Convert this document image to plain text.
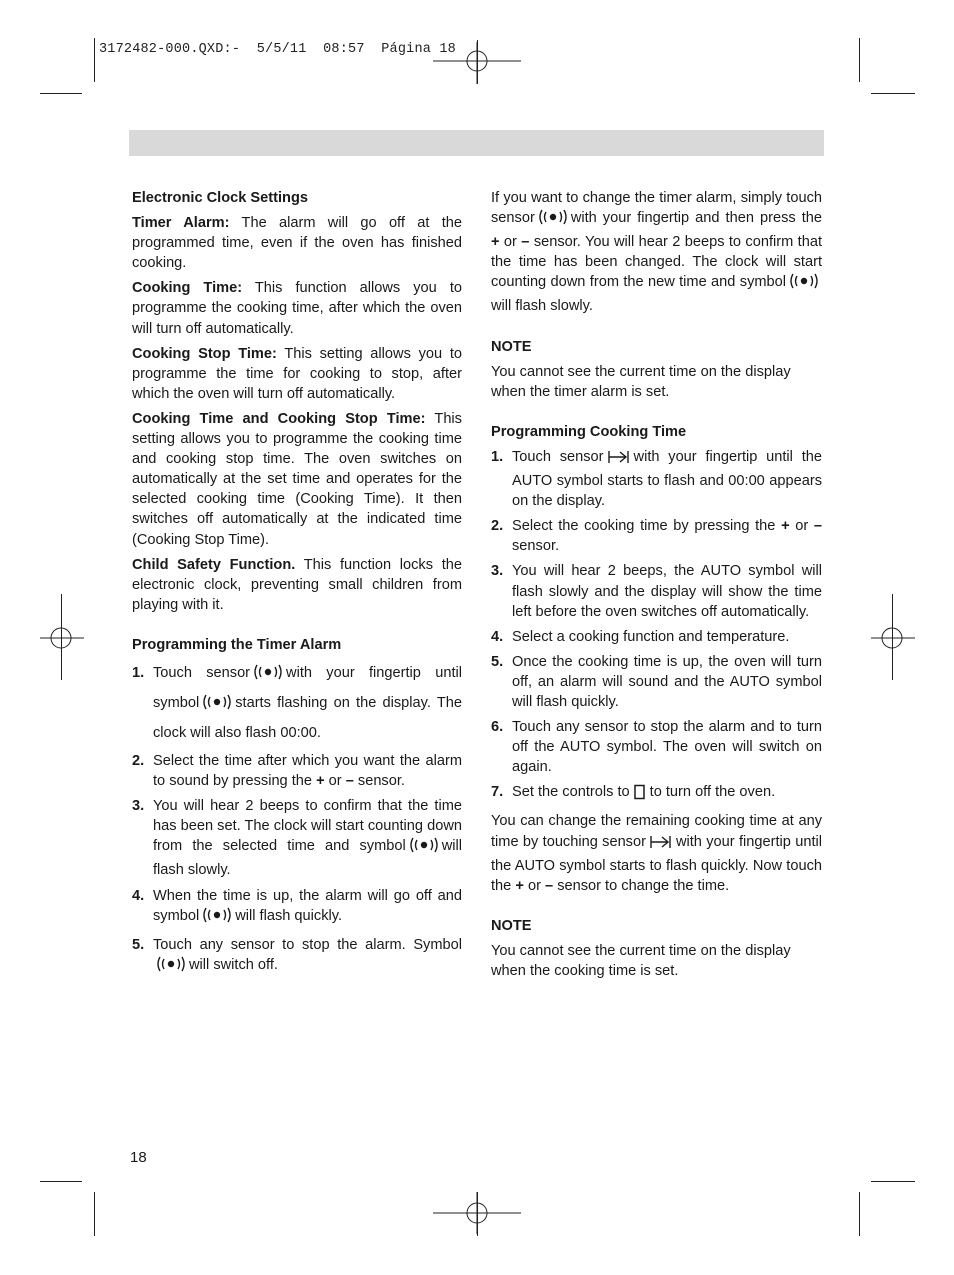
3172482-000.QXD:-  5/5/11  08:57  Página 18
Electronic Clock Settings

Timer Alarm: The alarm will go off at the programmed time, even if the oven has finished cooking.

Cooking Time: This function allows you to programme the cooking time, after which the oven will turn off automatically.

Cooking Stop Time: This setting allows you to programme the time for cooking to stop, after which the oven will turn off automatically.

Cooking Time and Cooking Stop Time: This setting allows you to programme the cooking time and cooking stop time. The oven switches on automatically at the set time and operates for the selected cooking time (Cooking Time). It then switches off automatically at the indicated time (Cooking Stop Time).

Child Safety Function. This function locks the electronic clock, preventing small children from playing with it.

Programming the Timer Alarm
1. Touch sensor with your fingertip until symbol starts flashing on the display. The clock will also flash 00:00.
2. Select the time after which you want the alarm to sound by pressing the + or – sensor.
3. You will hear 2 beeps to confirm that the time has been set. The clock will start counting down from the selected time and symbol will flash slowly.
4. When the time is up, the alarm will go off and symbol will flash quickly.
5. Touch any sensor to stop the alarm. Symbolwill switch off.

If you want to change the timer alarm, simply touch sensor with your fingertip and then press the + or – sensor. You will hear 2 beeps to confirm that the time has been changed. The clock will start counting down from the new time and symbolwill flash slowly.

NOTE

You cannot see the current time on the display when the timer alarm is set.

Programming Cooking Time
1. Touch sensor with your fingertip until the AUTO symbol starts to flash and 00:00 appears on the display.
2. Select the cooking time by pressing the + or – sensor.
3. You will hear 2 beeps, the AUTO symbol will flash slowly and the display will show the time left before the oven switches off automatically.
4. Select a cooking function and temperature.
5. Once the cooking time is up, the oven will turn off, an alarm will sound and the AUTO symbol will flash quickly.
6. Touch any sensor to stop the alarm and to turn off the AUTO symbol. The oven will switch on again.
7. Set the controls to to turn off the oven.

You can change the remaining cooking time at any time by touching sensor with your fingertip until the AUTO symbol starts to flash quickly. Now touch the + or – sensor to change the time.

NOTE

You cannot see the current time on the display when the cooking time is set.

18
